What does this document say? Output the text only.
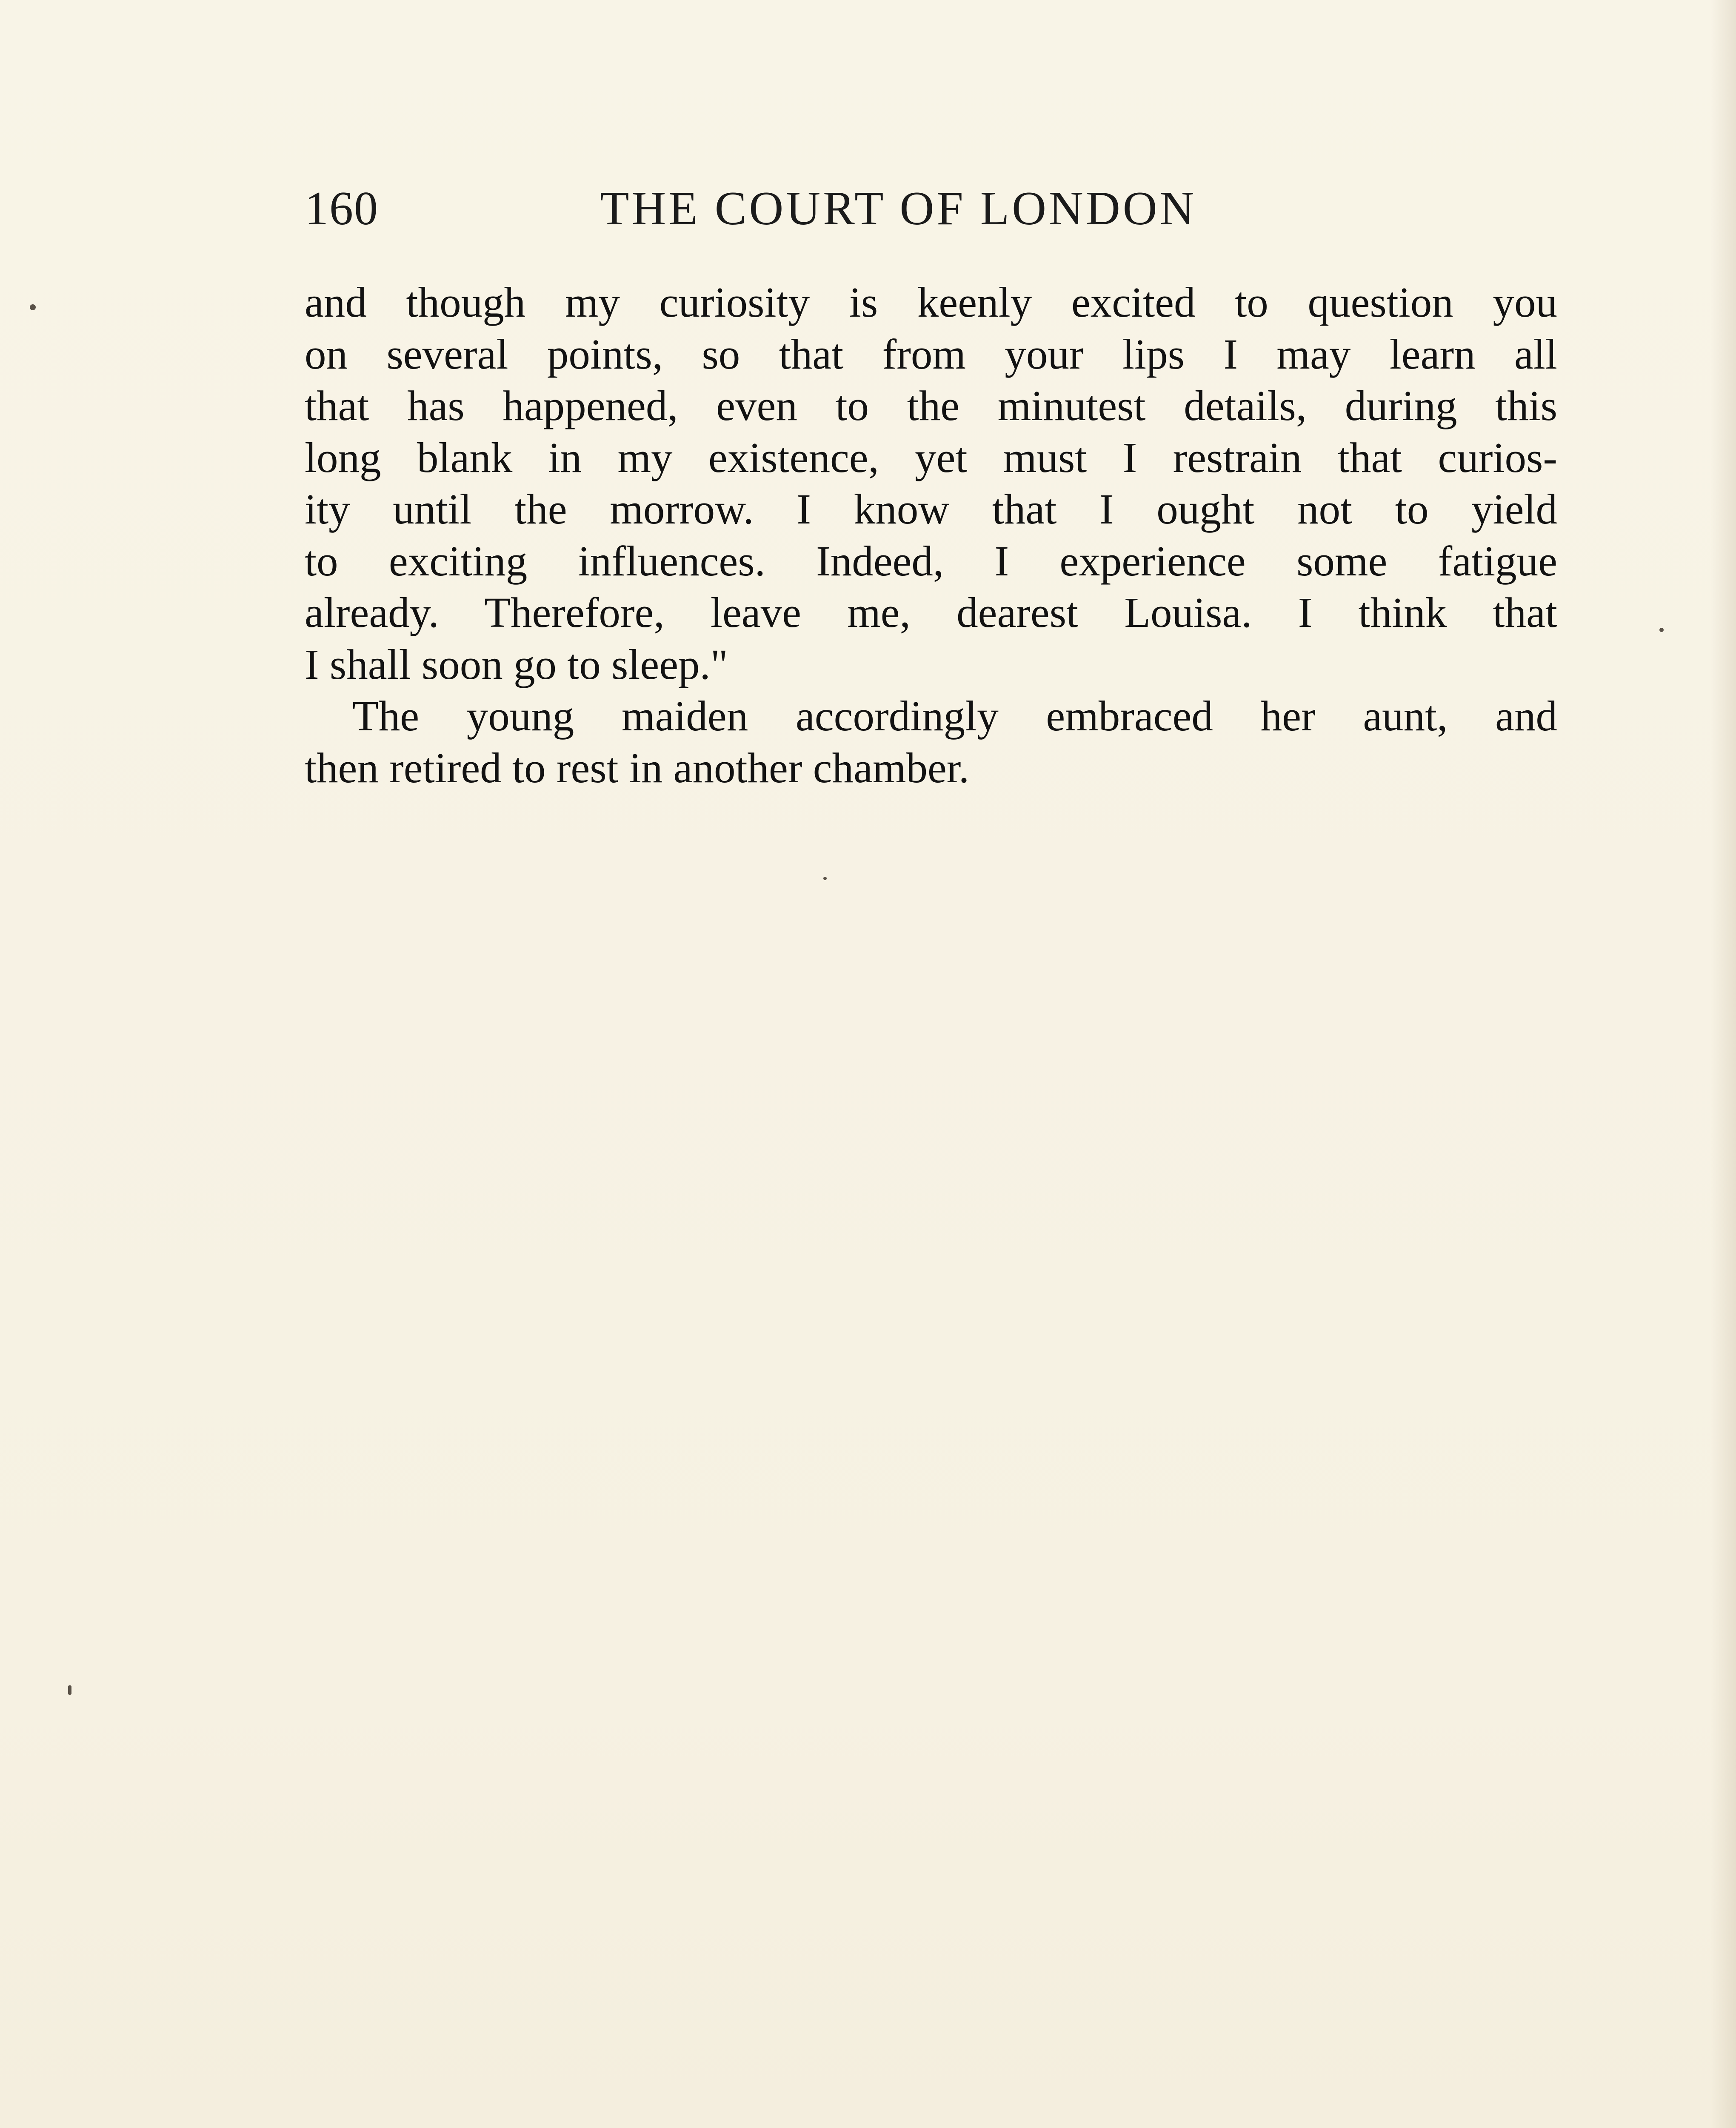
160	THE COURT OF LONDON

and though my curiosity is keenly excited to question you
on several points, so that from your lips I may learn all
that has happened, even to the minutest details, during this
long blank in my existence, yet must I restrain that curios-
ity until the morrow. I know that I ought not to yield
to exciting influences. Indeed, I experience some fatigue
already. Therefore, leave me, dearest Louisa. I think that
I shall soon go to sleep."

The young maiden accordingly embraced her aunt, and
then retired to rest in another chamber.
